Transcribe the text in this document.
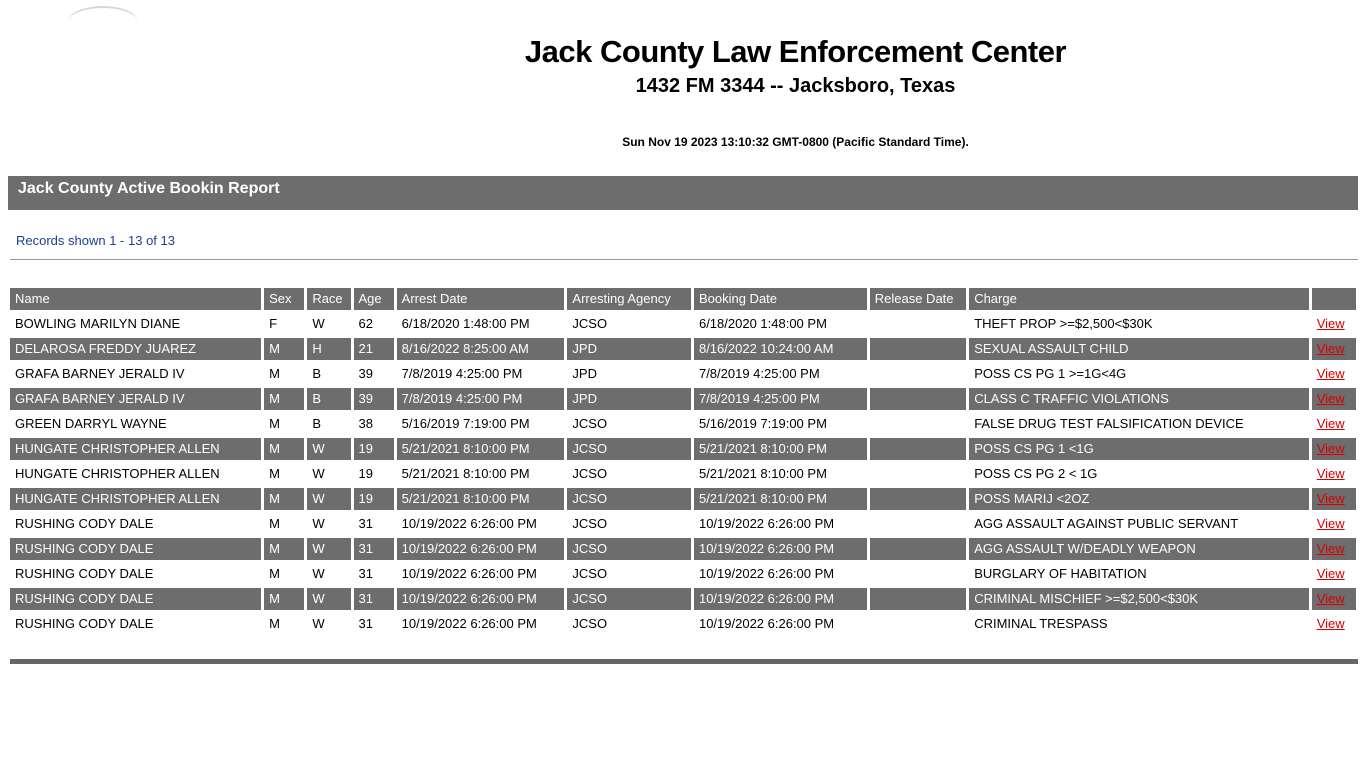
Jack County Law Enforcement Center
1432 FM 3344 -- Jacksboro, Texas
Sun Nov 19 2023 13:10:32 GMT-0800 (Pacific Standard Time).
Jack County Active Bookin Report
Records shown 1 - 13 of 13
Name	Sex	Race	Age	Arrest Date	Arresting Agency	Booking Date	Release Date	Charge	
BOWLING MARILYN DIANE	F	W	62	6/18/2020 1:48:00 PM	JCSO	6/18/2020 1:48:00 PM		THEFT PROP >=$2,500<$30K	View
DELAROSA FREDDY JUAREZ	M	H	21	8/16/2022 8:25:00 AM	JPD	8/16/2022 10:24:00 AM		SEXUAL ASSAULT CHILD	View
GRAFA BARNEY JERALD IV	M	B	39	7/8/2019 4:25:00 PM	JPD	7/8/2019 4:25:00 PM		POSS CS PG 1 >=1G<4G	View
GRAFA BARNEY JERALD IV	M	B	39	7/8/2019 4:25:00 PM	JPD	7/8/2019 4:25:00 PM		CLASS C TRAFFIC VIOLATIONS	View
GREEN DARRYL WAYNE	M	B	38	5/16/2019 7:19:00 PM	JCSO	5/16/2019 7:19:00 PM		FALSE DRUG TEST FALSIFICATION DEVICE	View
HUNGATE CHRISTOPHER ALLEN	M	W	19	5/21/2021 8:10:00 PM	JCSO	5/21/2021 8:10:00 PM		POSS CS PG 1 <1G	View
HUNGATE CHRISTOPHER ALLEN	M	W	19	5/21/2021 8:10:00 PM	JCSO	5/21/2021 8:10:00 PM		POSS CS PG 2 < 1G	View
HUNGATE CHRISTOPHER ALLEN	M	W	19	5/21/2021 8:10:00 PM	JCSO	5/21/2021 8:10:00 PM		POSS MARIJ <2OZ	View
RUSHING CODY DALE	M	W	31	10/19/2022 6:26:00 PM	JCSO	10/19/2022 6:26:00 PM		AGG ASSAULT AGAINST PUBLIC SERVANT	View
RUSHING CODY DALE	M	W	31	10/19/2022 6:26:00 PM	JCSO	10/19/2022 6:26:00 PM		AGG ASSAULT W/DEADLY WEAPON	View
RUSHING CODY DALE	M	W	31	10/19/2022 6:26:00 PM	JCSO	10/19/2022 6:26:00 PM		BURGLARY OF HABITATION	View
RUSHING CODY DALE	M	W	31	10/19/2022 6:26:00 PM	JCSO	10/19/2022 6:26:00 PM		CRIMINAL MISCHIEF >=$2,500<$30K	View
RUSHING CODY DALE	M	W	31	10/19/2022 6:26:00 PM	JCSO	10/19/2022 6:26:00 PM		CRIMINAL TRESPASS	View
